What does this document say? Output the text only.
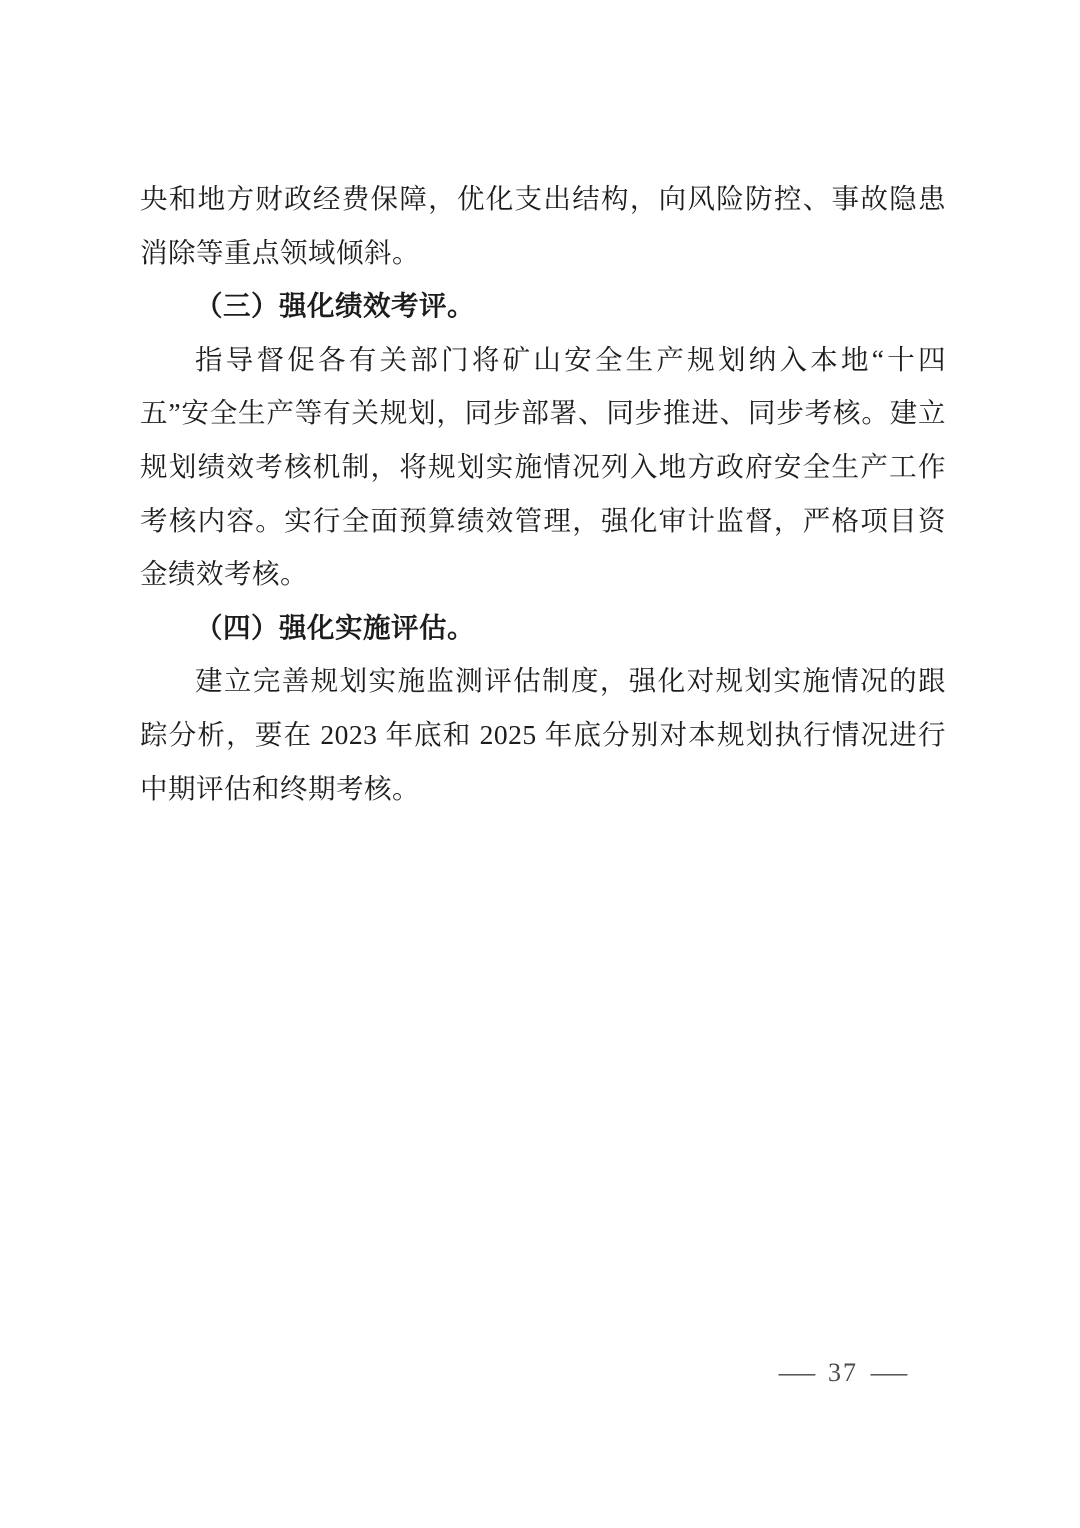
央和地方财政经费保障，优化支出结构，向风险防控、事故隐患消除等重点领域倾斜。

（三）强化绩效考评。

指导督促各有关部门将矿山安全生产规划纳入本地“十四五”安全生产等有关规划，同步部署、同步推进、同步考核。建立规划绩效考核机制，将规划实施情况列入地方政府安全生产工作考核内容。实行全面预算绩效管理，强化审计监督，严格项目资金绩效考核。

（四）强化实施评估。

建立完善规划实施监测评估制度，强化对规划实施情况的跟踪分析，要在 2023 年底和 2025 年底分别对本规划执行情况进行中期评估和终期考核。

— 37 —
